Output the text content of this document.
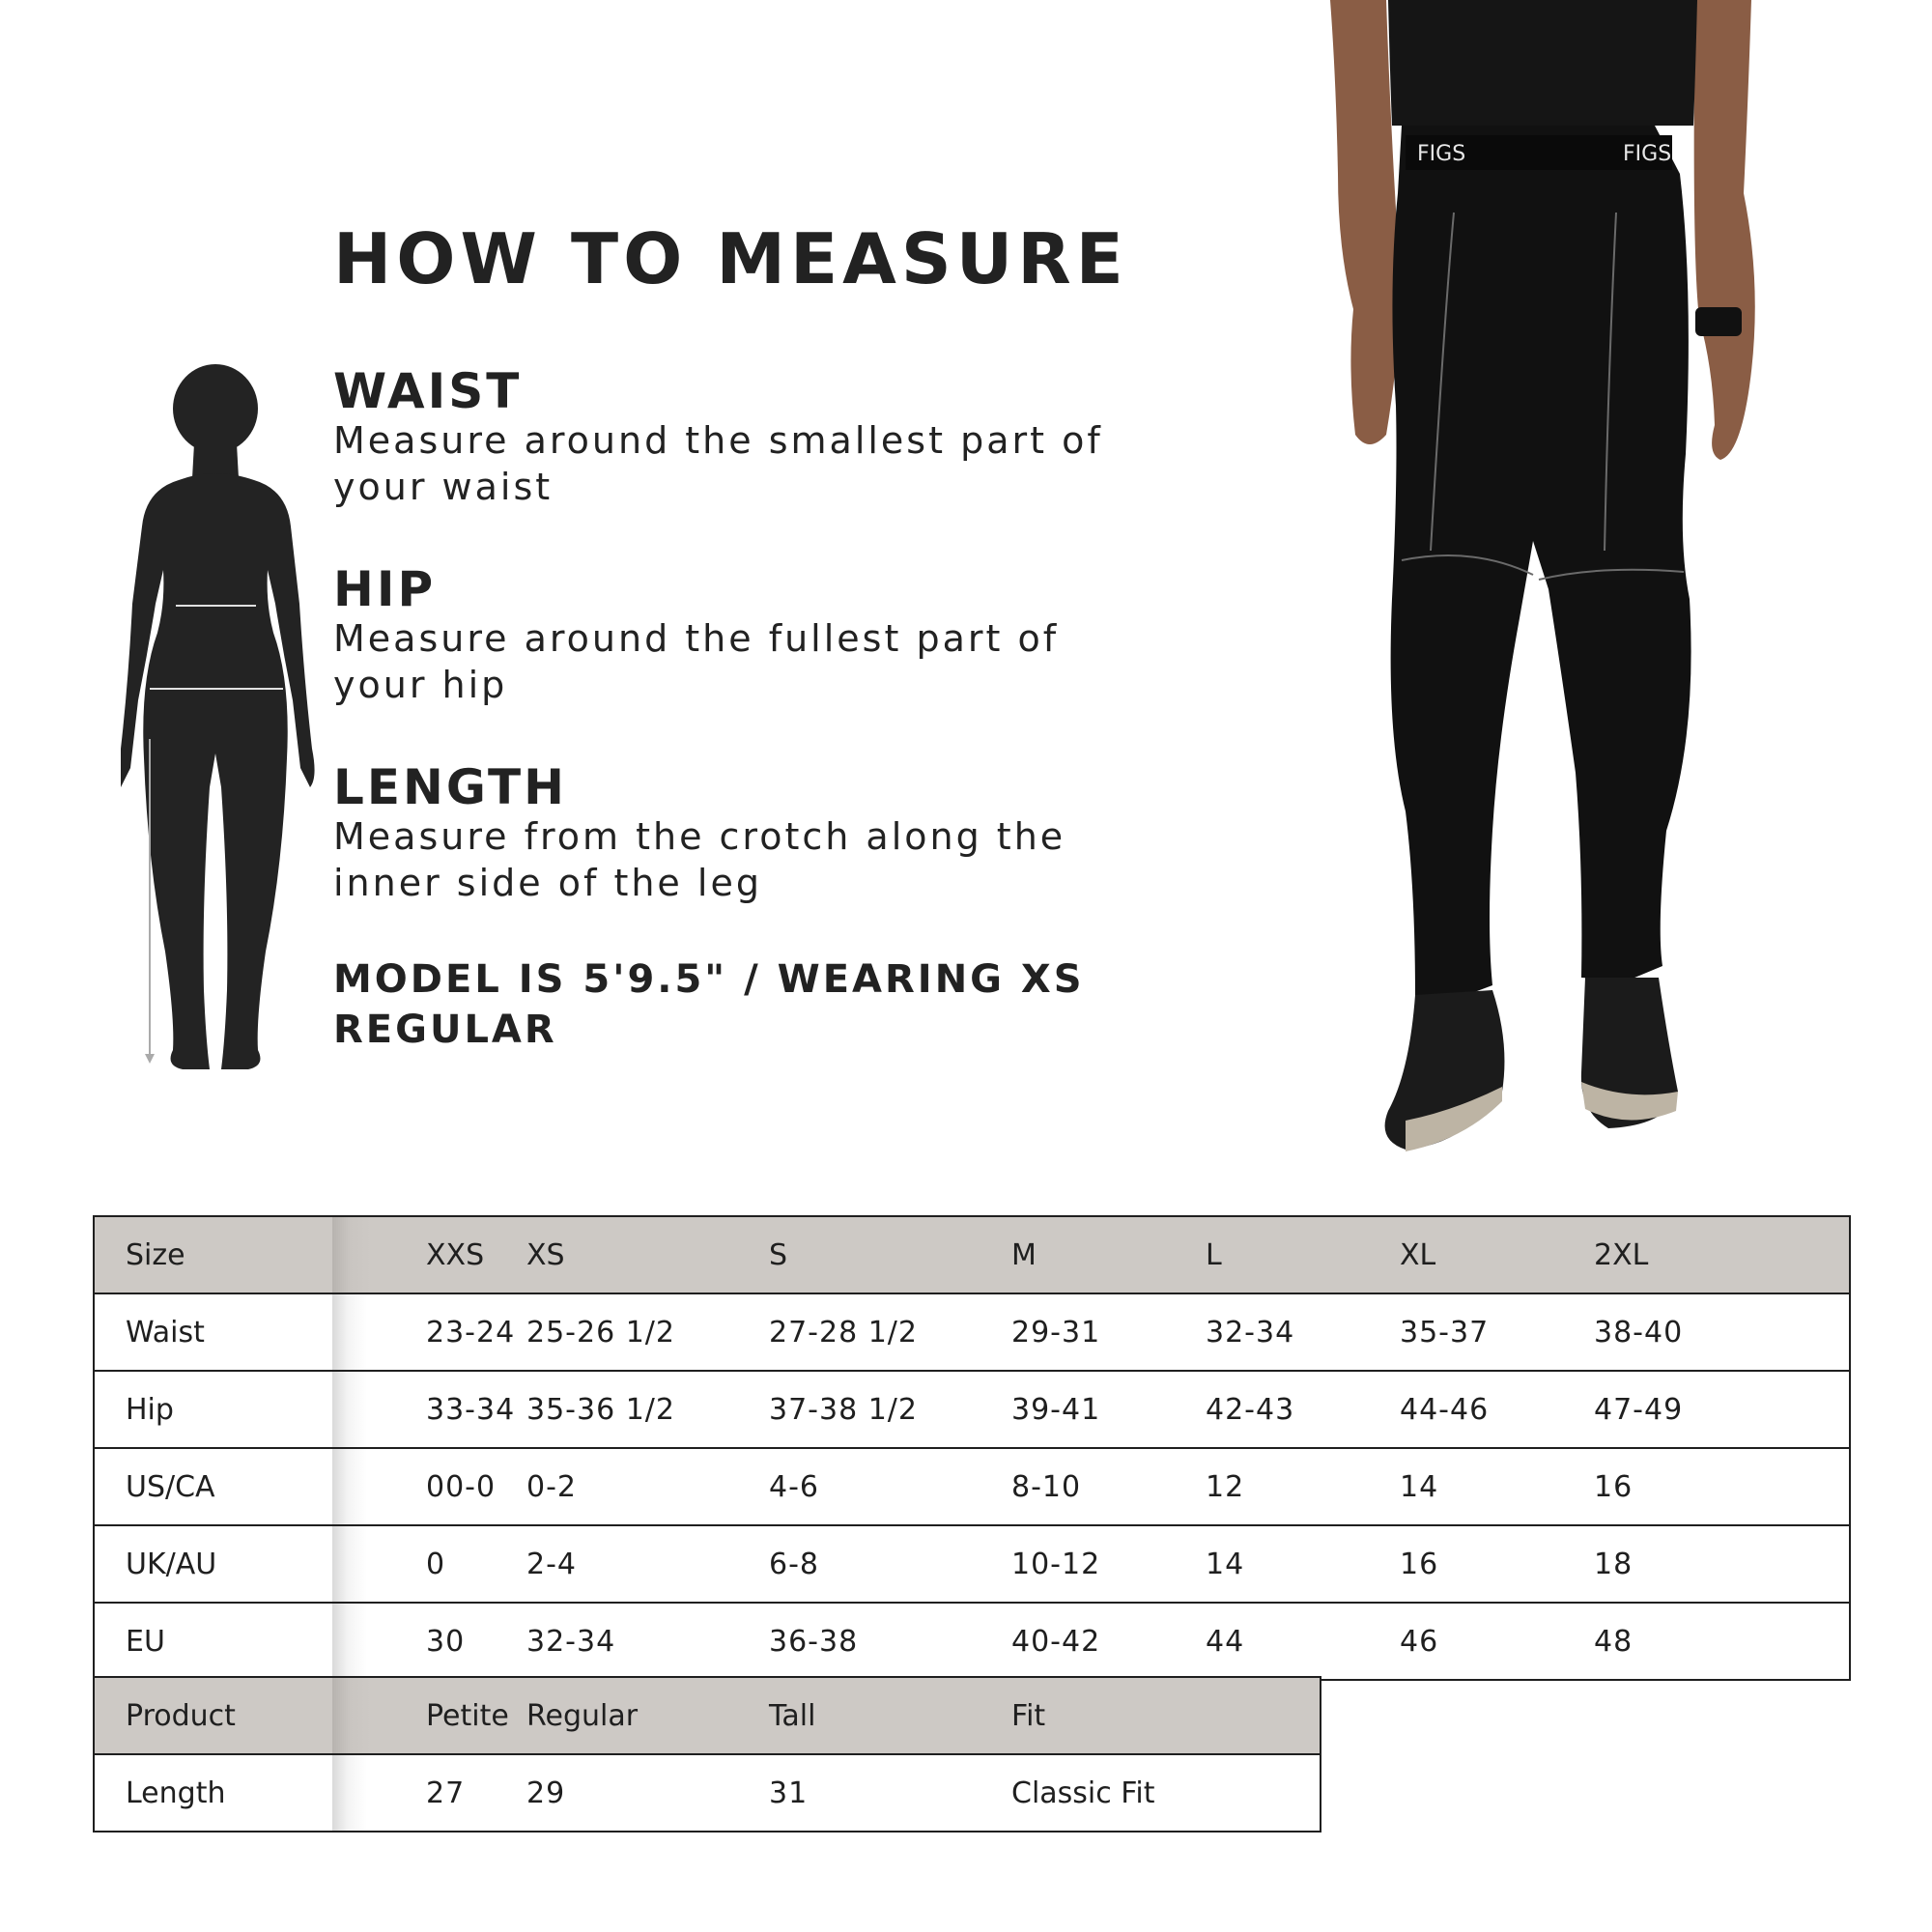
HOW TO MEASURE
WAIST

Measure around the smallest part of your waist

HIP

Measure around the fullest part of your hip

LENGTH

Measure from the crotch along the inner side of the leg

MODEL IS 5'9.5" / WEARING XS REGULAR
FIGS	FIGS
Size	XXS	XS	S	M	L	XL	2XL
Waist	23-24	25-26 1/2	27-28 1/2	29-31	32-34	35-37	38-40
Hip	33-34	35-36 1/2	37-38 1/2	39-41	42-43	44-46	47-49
US/CA	00-0	0-2	4-6	8-10	12	14	16
UK/AU	0	2-4	6-8	10-12	14	16	18
EU	30	32-34	36-38	40-42	44	46	48
Product	Petite	Regular	Tall	Fit
Length	27	29	31	Classic Fit
